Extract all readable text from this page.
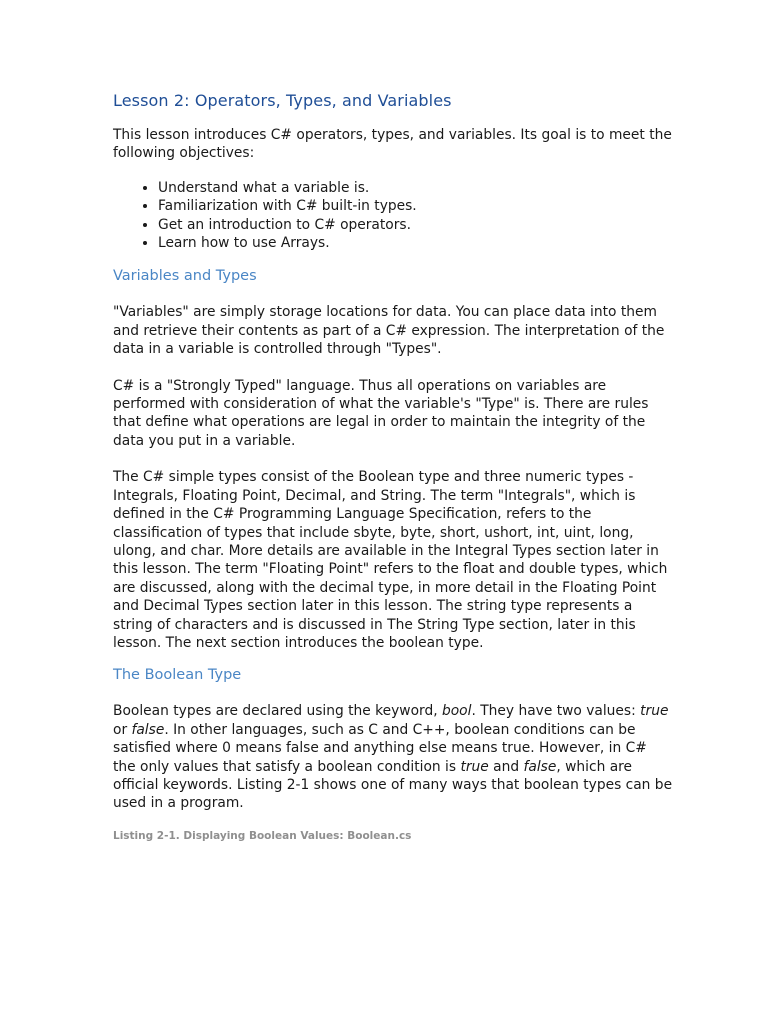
Lesson 2: Operators, Types, and Variables

This lesson introduces C# operators, types, and variables. Its goal is to meet the following objectives:

• Understand what a variable is.
• Familiarization with C# built-in types.
• Get an introduction to C# operators.
• Learn how to use Arrays.
Variables and Types

"Variables" are simply storage locations for data. You can place data into them and retrieve their contents as part of a C# expression. The interpretation of the data in a variable is controlled through "Types".

C# is a "Strongly Typed" language. Thus all operations on variables are performed with consideration of what the variable's "Type" is. There are rules that define what operations are legal in order to maintain the integrity of the data you put in a variable.

The C# simple types consist of the Boolean type and three numeric types - Integrals, Floating Point, Decimal, and String. The term "Integrals", which is defined in the C# Programming Language Specification, refers to the classification of types that include sbyte, byte, short, ushort, int, uint, long, ulong, and char. More details are available in the Integral Types section later in this lesson. The term "Floating Point" refers to the float and double types, which are discussed, along with the decimal type, in more detail in the Floating Point and Decimal Types section later in this lesson. The string type represents a string of characters and is discussed in The String Type section, later in this lesson. The next section introduces the boolean type.

The Boolean Type

Boolean types are declared using the keyword, bool. They have two values: true or false. In other languages, such as C and C++, boolean conditions can be satisfied where 0 means false and anything else means true. However, in C# the only values that satisfy a boolean condition is true and false, which are official keywords. Listing 2-1 shows one of many ways that boolean types can be used in a program.

Listing 2-1. Displaying Boolean Values: Boolean.cs
